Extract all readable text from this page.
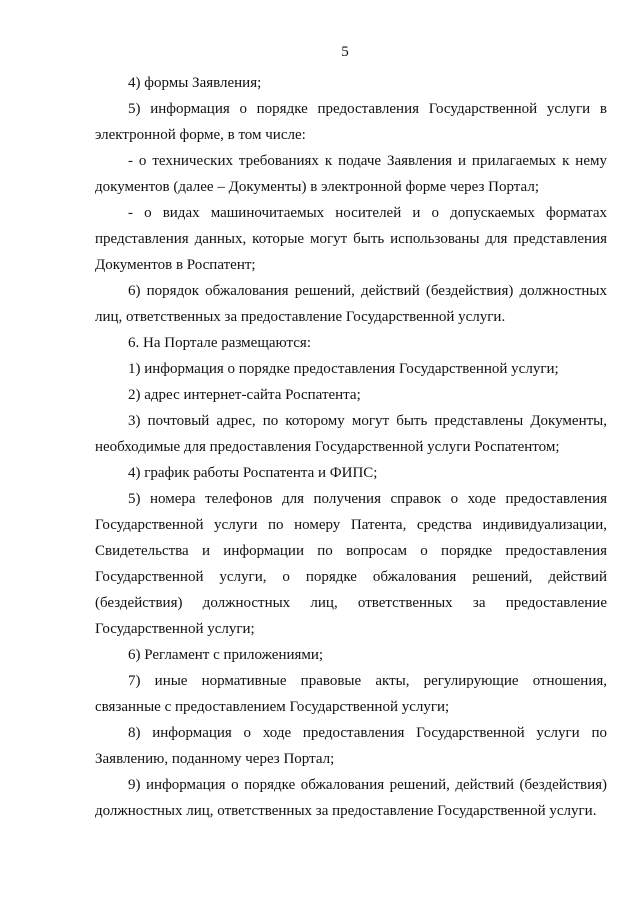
5

4) формы Заявления;

5) информация о порядке предоставления Государственной услуги в электронной форме, в том числе:

- о технических требованиях к подаче Заявления и прилагаемых к нему документов (далее – Документы) в электронной форме через Портал;

- о видах машиночитаемых носителей и о допускаемых форматах представления данных, которые могут быть использованы для представления Документов в Роспатент;

6) порядок обжалования решений, действий (бездействия) должностных лиц, ответственных за предоставление Государственной услуги.

6. На Портале размещаются:

1) информация о порядке предоставления Государственной услуги;

2) адрес интернет-сайта Роспатента;

3) почтовый адрес, по которому могут быть представлены Документы, необходимые для предоставления Государственной услуги Роспатентом;

4) график работы Роспатента и ФИПС;

5) номера телефонов для получения справок о ходе предоставления Государственной услуги по номеру Патента, средства индивидуализации, Свидетельства и информации по вопросам о порядке предоставления Государственной услуги, о порядке обжалования решений, действий (бездействия) должностных лиц, ответственных за предоставление Государственной услуги;

6) Регламент с приложениями;

7) иные нормативные правовые акты, регулирующие отношения, связанные с предоставлением Государственной услуги;

8) информация о ходе предоставления Государственной услуги по Заявлению, поданному через Портал;

9) информация о порядке обжалования решений, действий (бездействия) должностных лиц, ответственных за предоставление Государственной услуги.
